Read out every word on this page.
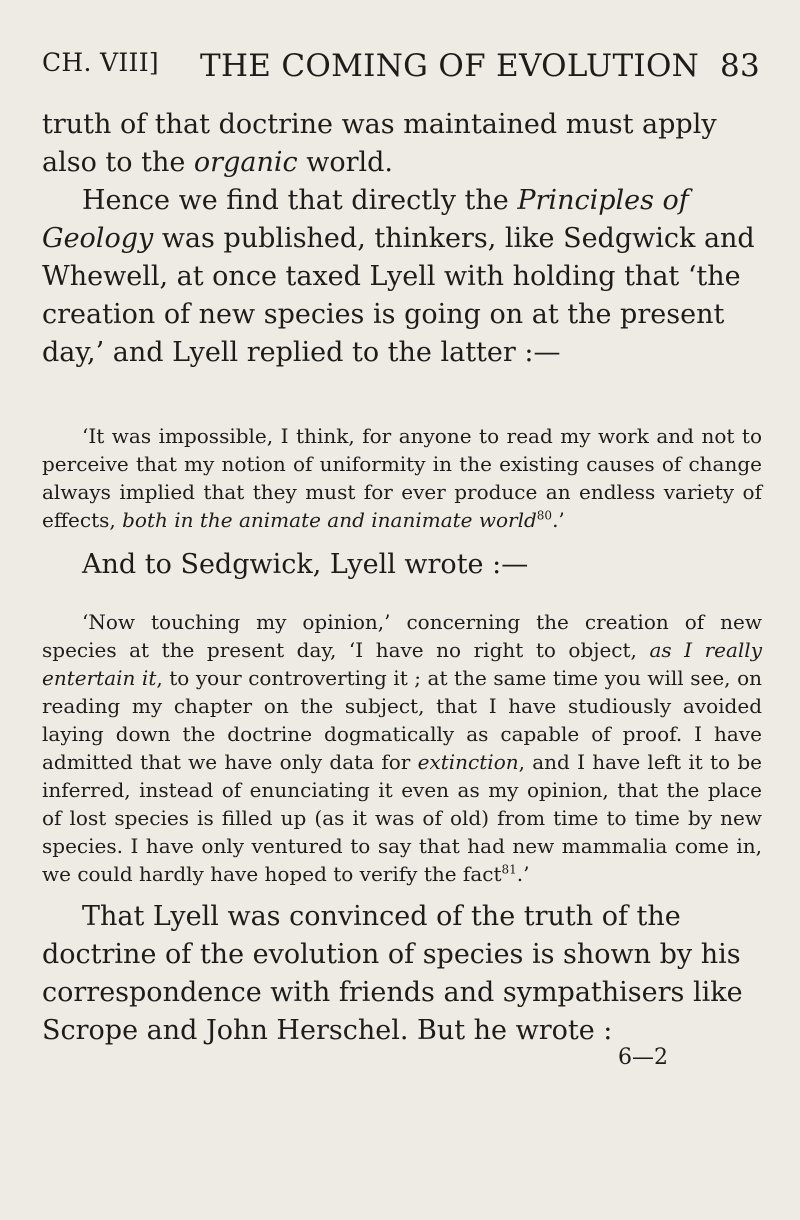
CH. VIII] THE COMING OF EVOLUTION 83
truth of that doctrine was maintained must apply also to the organic world.
Hence we find that directly the Principles of Geology was published, thinkers, like Sedgwick and Whewell, at once taxed Lyell with holding that ‘the creation of new species is going on at the present day,’ and Lyell replied to the latter :—
‘It was impossible, I think, for anyone to read my work and not to perceive that my notion of uniformity in the existing causes of change always implied that they must for ever produce an endless variety of effects, both in the animate and inanimate world$^{80}$.’
And to Sedgwick, Lyell wrote :—
‘Now touching my opinion,’ concerning the creation of new species at the present day, ‘I have no right to object, as I really entertain it, to your controverting it ; at the same time you will see, on reading my chapter on the subject, that I have studiously avoided laying down the doctrine dogmatically as capable of proof. I have admitted that we have only data for extinction, and I have left it to be inferred, instead of enunciating it even as my opinion, that the place of lost species is filled up (as it was of old) from time to time by new species. I have only ventured to say that had new mammalia come in, we could hardly have hoped to verify the fact$^{81}$.’
That Lyell was convinced of the truth of the doctrine of the evolution of species is shown by his correspondence with friends and sympathisers like Scrope and John Herschel. But he wrote :
6—2
